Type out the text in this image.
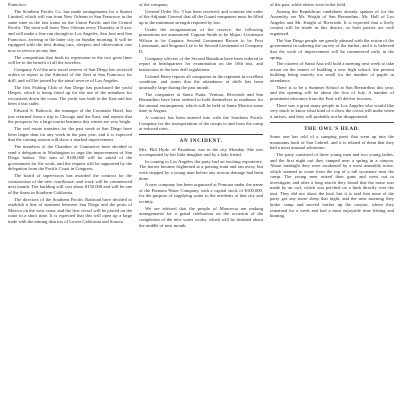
Francisco.

The Southern Pacific Co. has made arrangements for a Sunset Limited, which will run from New Orleans to San Francisco in the same time as the fast trains on the Union Pacific and the Central Pacific. The train will leave New Orleans every Thursday at 8 a.m. and will make a fine run through to Los Angeles, San Jose and San Francisco, arriving in the latter city on Sunday morning. It will be equipped with the best dining cars, sleepers and observation cars now in service on any line.

The competition that finds its expression in the two great lines will be to the benefit of all the travelers.

Company A of the new naval reserve of San Diego has received orders to report to the Admiral of the fleet at San Francisco for drill, and will be joined by the naval reserve of Los Angeles.

The first Fishing Club of San Diego has purchased the yacht Hesper, which is being fitted up for the use of the members for excursions down the coast. The yacht was built in the East and has been a fast sailer.

Edward S. Babcock, the manager of the Coronado Hotel, has just returned from a trip to Chicago and the East, and reports that the prospects for a large tourist business this winter are very bright.

The real estate transfers for the past week at San Diego have been larger than for any week in the past year, and it is expected that the coming season will show a marked improvement.

The members of the Chamber of Commerce have decided to send a delegation to Washington to urge the improvement of San Diego harbor. The sum of $100,000 will be asked of the government for the work, and the request will be supported by the delegation from the Pacific Coast in Congress.

The board of supervisors has awarded the contract for the construction of the new courthouse, and work will be commenced next month. The building will cost about $150,000 and will be one of the finest in Southern California.

The directors of the Southern Pacific Railroad have decided to establish a line of steamers between San Diego and the ports of Mexico on the west coast, and the first vessel will be placed on the route in a short time. It is expected that this will open up a large trade with the mining districts of Lower California and Sonora.

of the company.

General Order No. 5 has been received, and contains the order of the Adjutant General that all the Guard companies must be filled up to the minimum strength required by law.

Under the reorganization of the reserve, the following promotions are announced: Captain Smith to be Major; Lieutenant Wilson to be Captain; Second Lieutenant Brown to be First Lieutenant, and Sergeant Lee to be Second Lieutenant of Company D.

Company officers of the Second Battalion have been ordered to report at headquarters for examination on the 10th inst. and instruction in the new drill regulations.

Colonel Berry reports all companies in the regiment in excellent condition, and states that the attendance at drills has been unusually large during the past month.

The companies at Santa Paula, Ventura, Riverside and San Bernardino have been ordered to hold themselves in readiness for the annual encampment, which will be held at Santa Monica some time in August.

A contract has been entered into with the Southern Pacific Company for the transportation of the troops to and from the camp at reduced rates.

AN INCIDENT.

Mrs. Phil Hyde, of Pasadena, was in the city Monday. She was accompanied by her little daughter and by a lady friend.

In coming to Los Angeles the party had an exciting experience. The horses became frightened at a passing train and ran away, but were stopped by a young man before any serious damage had been done.

A new company has been organized at Pomona under the name of the Pomona Water Company, with a capital stock of $100,000, for the purpose of supplying water to the residents of that city and vicinity.

We are advised that the people of Monrovia are making arrangements for a grand celebration on the occasion of the completion of the new water works, which will be finished about the middle of next month.

of the past, while others were in the field.

Among the Republican candidates already spoken of for the Assembly are Mr. Wright of San Bernardino, Mr. Hall of Los Angeles and Mr. Knight of Riverside. It is expected that a lively contest will be made in this district, as both parties are well organized.

The San Diego people are greatly pleased with the action of the government in ordering the survey of the harbor, and it is believed that the work of improvement will be commenced early in the spring.

The citizens of Santa Ana will hold a meeting next week to take action on the matter of building a new high school, the present building being entirely too small for the number of pupils in attendance.

There is to be a Summer School at San Bernardino this year, and the opening will be about the first of July. A number of prominent educators from the East will deliver lectures.

There was a great many people in Los Angeles who would like very much to know what kind of a show the circus will make when it arrives, and they will probably not be disappointed.

THE OWL'S HEAD.

Some one has told of a camping party that went up into the mountains back of San Gabriel, and it is related of them that they had a most unusual adventure.

The party consisted of three young men and two young ladies, and the first night out they camped near a spring in a canyon. About midnight they were awakened by a most unearthly noise, which seemed to come from the top of a tall sycamore near the camp. The young men seized their guns and went out to investigate, and after a long search they found that the noise was made by an owl, which was perched on a limb directly over the tent. They did not shoot the bird, but it is said that none of the party got any more sleep that night, and the next morning they broke camp and moved farther up the canyon, where they remained for a week and had a most enjoyable time fishing and hunting.
